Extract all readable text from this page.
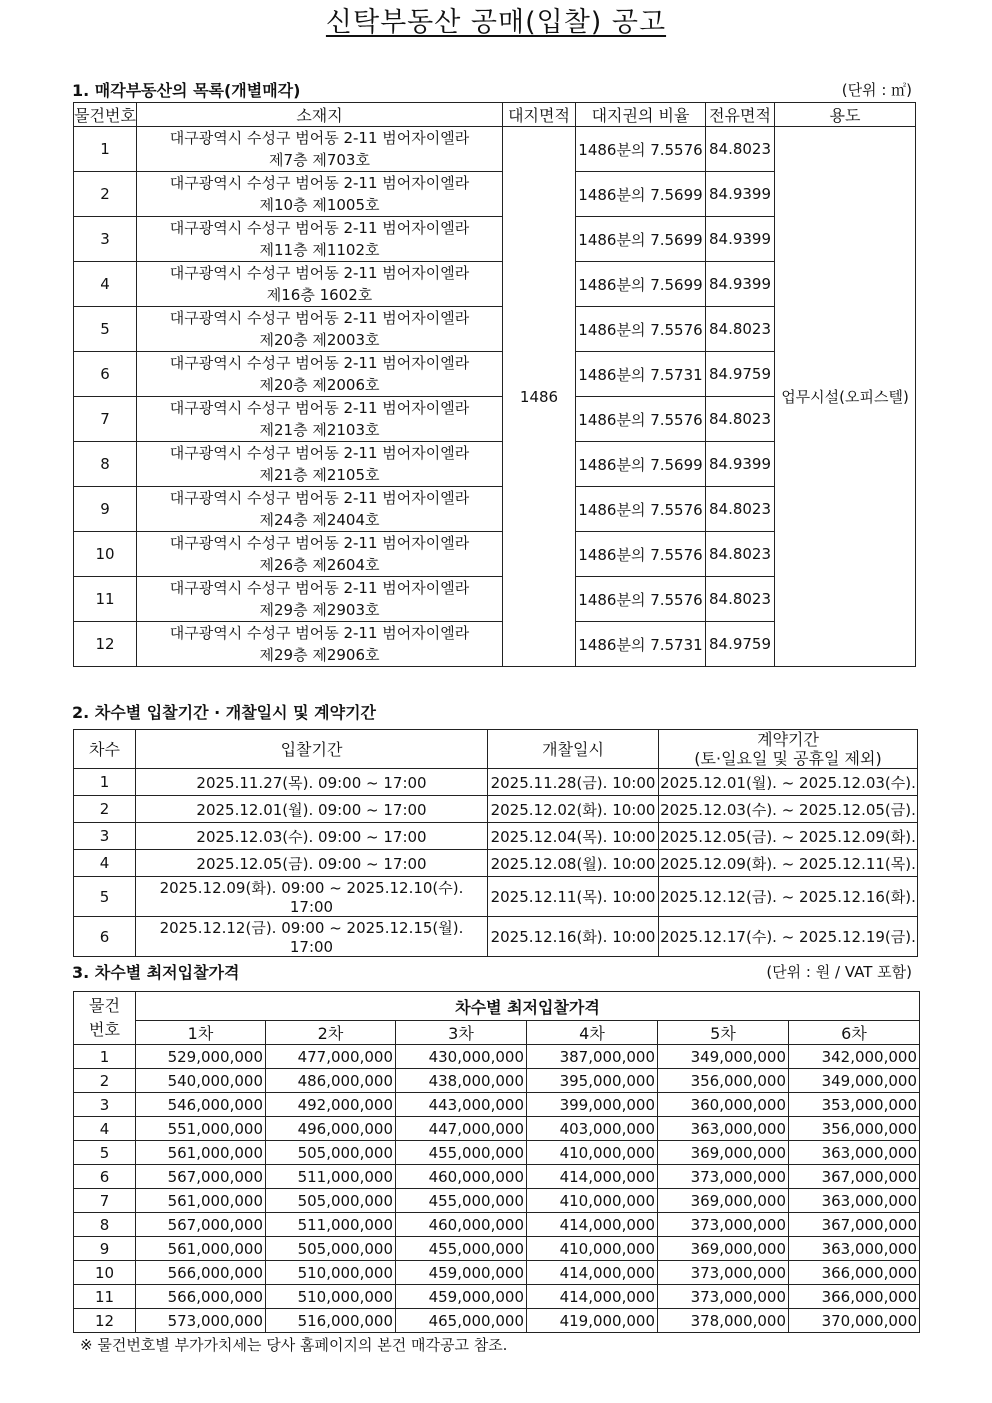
신탁부동산 공매(입찰) 공고
1. 매각부동산의 목록(개별매각)	(단위 : ㎡)
물건번호	소재지	대지면적	대지권의 비율	전유면적	용도
1	대구광역시 수성구 범어동 2-11 범어자이엘라
제7층 제703호	1486	1486분의 7.5576	84.8023	업무시설(오피스텔)
2	대구광역시 수성구 범어동 2-11 범어자이엘라
제10층 제1005호		1486분의 7.5699	84.9399	
3	대구광역시 수성구 범어동 2-11 범어자이엘라
제11층 제1102호		1486분의 7.5699	84.9399	
4	대구광역시 수성구 범어동 2-11 범어자이엘라
제16층 1602호		1486분의 7.5699	84.9399	
5	대구광역시 수성구 범어동 2-11 범어자이엘라
제20층 제2003호		1486분의 7.5576	84.8023	
6	대구광역시 수성구 범어동 2-11 범어자이엘라
제20층 제2006호		1486분의 7.5731	84.9759	
7	대구광역시 수성구 범어동 2-11 범어자이엘라
제21층 제2103호		1486분의 7.5576	84.8023	
8	대구광역시 수성구 범어동 2-11 범어자이엘라
제21층 제2105호		1486분의 7.5699	84.9399	
9	대구광역시 수성구 범어동 2-11 범어자이엘라
제24층 제2404호		1486분의 7.5576	84.8023	
10	대구광역시 수성구 범어동 2-11 범어자이엘라
제26층 제2604호		1486분의 7.5576	84.8023	
11	대구광역시 수성구 범어동 2-11 범어자이엘라
제29층 제2903호		1486분의 7.5576	84.8023	
12	대구광역시 수성구 범어동 2-11 범어자이엘라
제29층 제2906호		1486분의 7.5731	84.9759	
2. 차수별 입찰기간 · 개찰일시 및 계약기간
차수	입찰기간	개찰일시	계약기간
(토·일요일 및 공휴일 제외)

1	2025.11.27(목). 09:00 ~ 17:00	2025.11.28(금). 10:00	2025.12.01(월). ~ 2025.12.03(수).
2	2025.12.01(월). 09:00 ~ 17:00	2025.12.02(화). 10:00	2025.12.03(수). ~ 2025.12.05(금).
3	2025.12.03(수). 09:00 ~ 17:00	2025.12.04(목). 10:00	2025.12.05(금). ~ 2025.12.09(화).
4	2025.12.05(금). 09:00 ~ 17:00	2025.12.08(월). 10:00	2025.12.09(화). ~ 2025.12.11(목).
5	2025.12.09(화). 09:00 ~ 2025.12.10(수). 17:00	2025.12.11(목). 10:00	2025.12.12(금). ~ 2025.12.16(화).
6	2025.12.12(금). 09:00 ~ 2025.12.15(월). 17:00	2025.12.16(화). 10:00	2025.12.17(수). ~ 2025.12.19(금).
3. 차수별 최저입찰가격	(단위 : 원 / VAT 포함)
물건
번호	차수별 최저입찰가격					
	1차	2차	3차	4차	5차	6차
1	529,000,000	477,000,000	430,000,000	387,000,000	349,000,000	342,000,000
2	540,000,000	486,000,000	438,000,000	395,000,000	356,000,000	349,000,000
3	546,000,000	492,000,000	443,000,000	399,000,000	360,000,000	353,000,000
4	551,000,000	496,000,000	447,000,000	403,000,000	363,000,000	356,000,000
5	561,000,000	505,000,000	455,000,000	410,000,000	369,000,000	363,000,000
6	567,000,000	511,000,000	460,000,000	414,000,000	373,000,000	367,000,000
7	561,000,000	505,000,000	455,000,000	410,000,000	369,000,000	363,000,000
8	567,000,000	511,000,000	460,000,000	414,000,000	373,000,000	367,000,000
9	561,000,000	505,000,000	455,000,000	410,000,000	369,000,000	363,000,000
10	566,000,000	510,000,000	459,000,000	414,000,000	373,000,000	366,000,000
11	566,000,000	510,000,000	459,000,000	414,000,000	373,000,000	366,000,000
12	573,000,000	516,000,000	465,000,000	419,000,000	378,000,000	370,000,000
※ 물건번호별 부가가치세는 당사 홈페이지의 본건 매각공고 참조.
